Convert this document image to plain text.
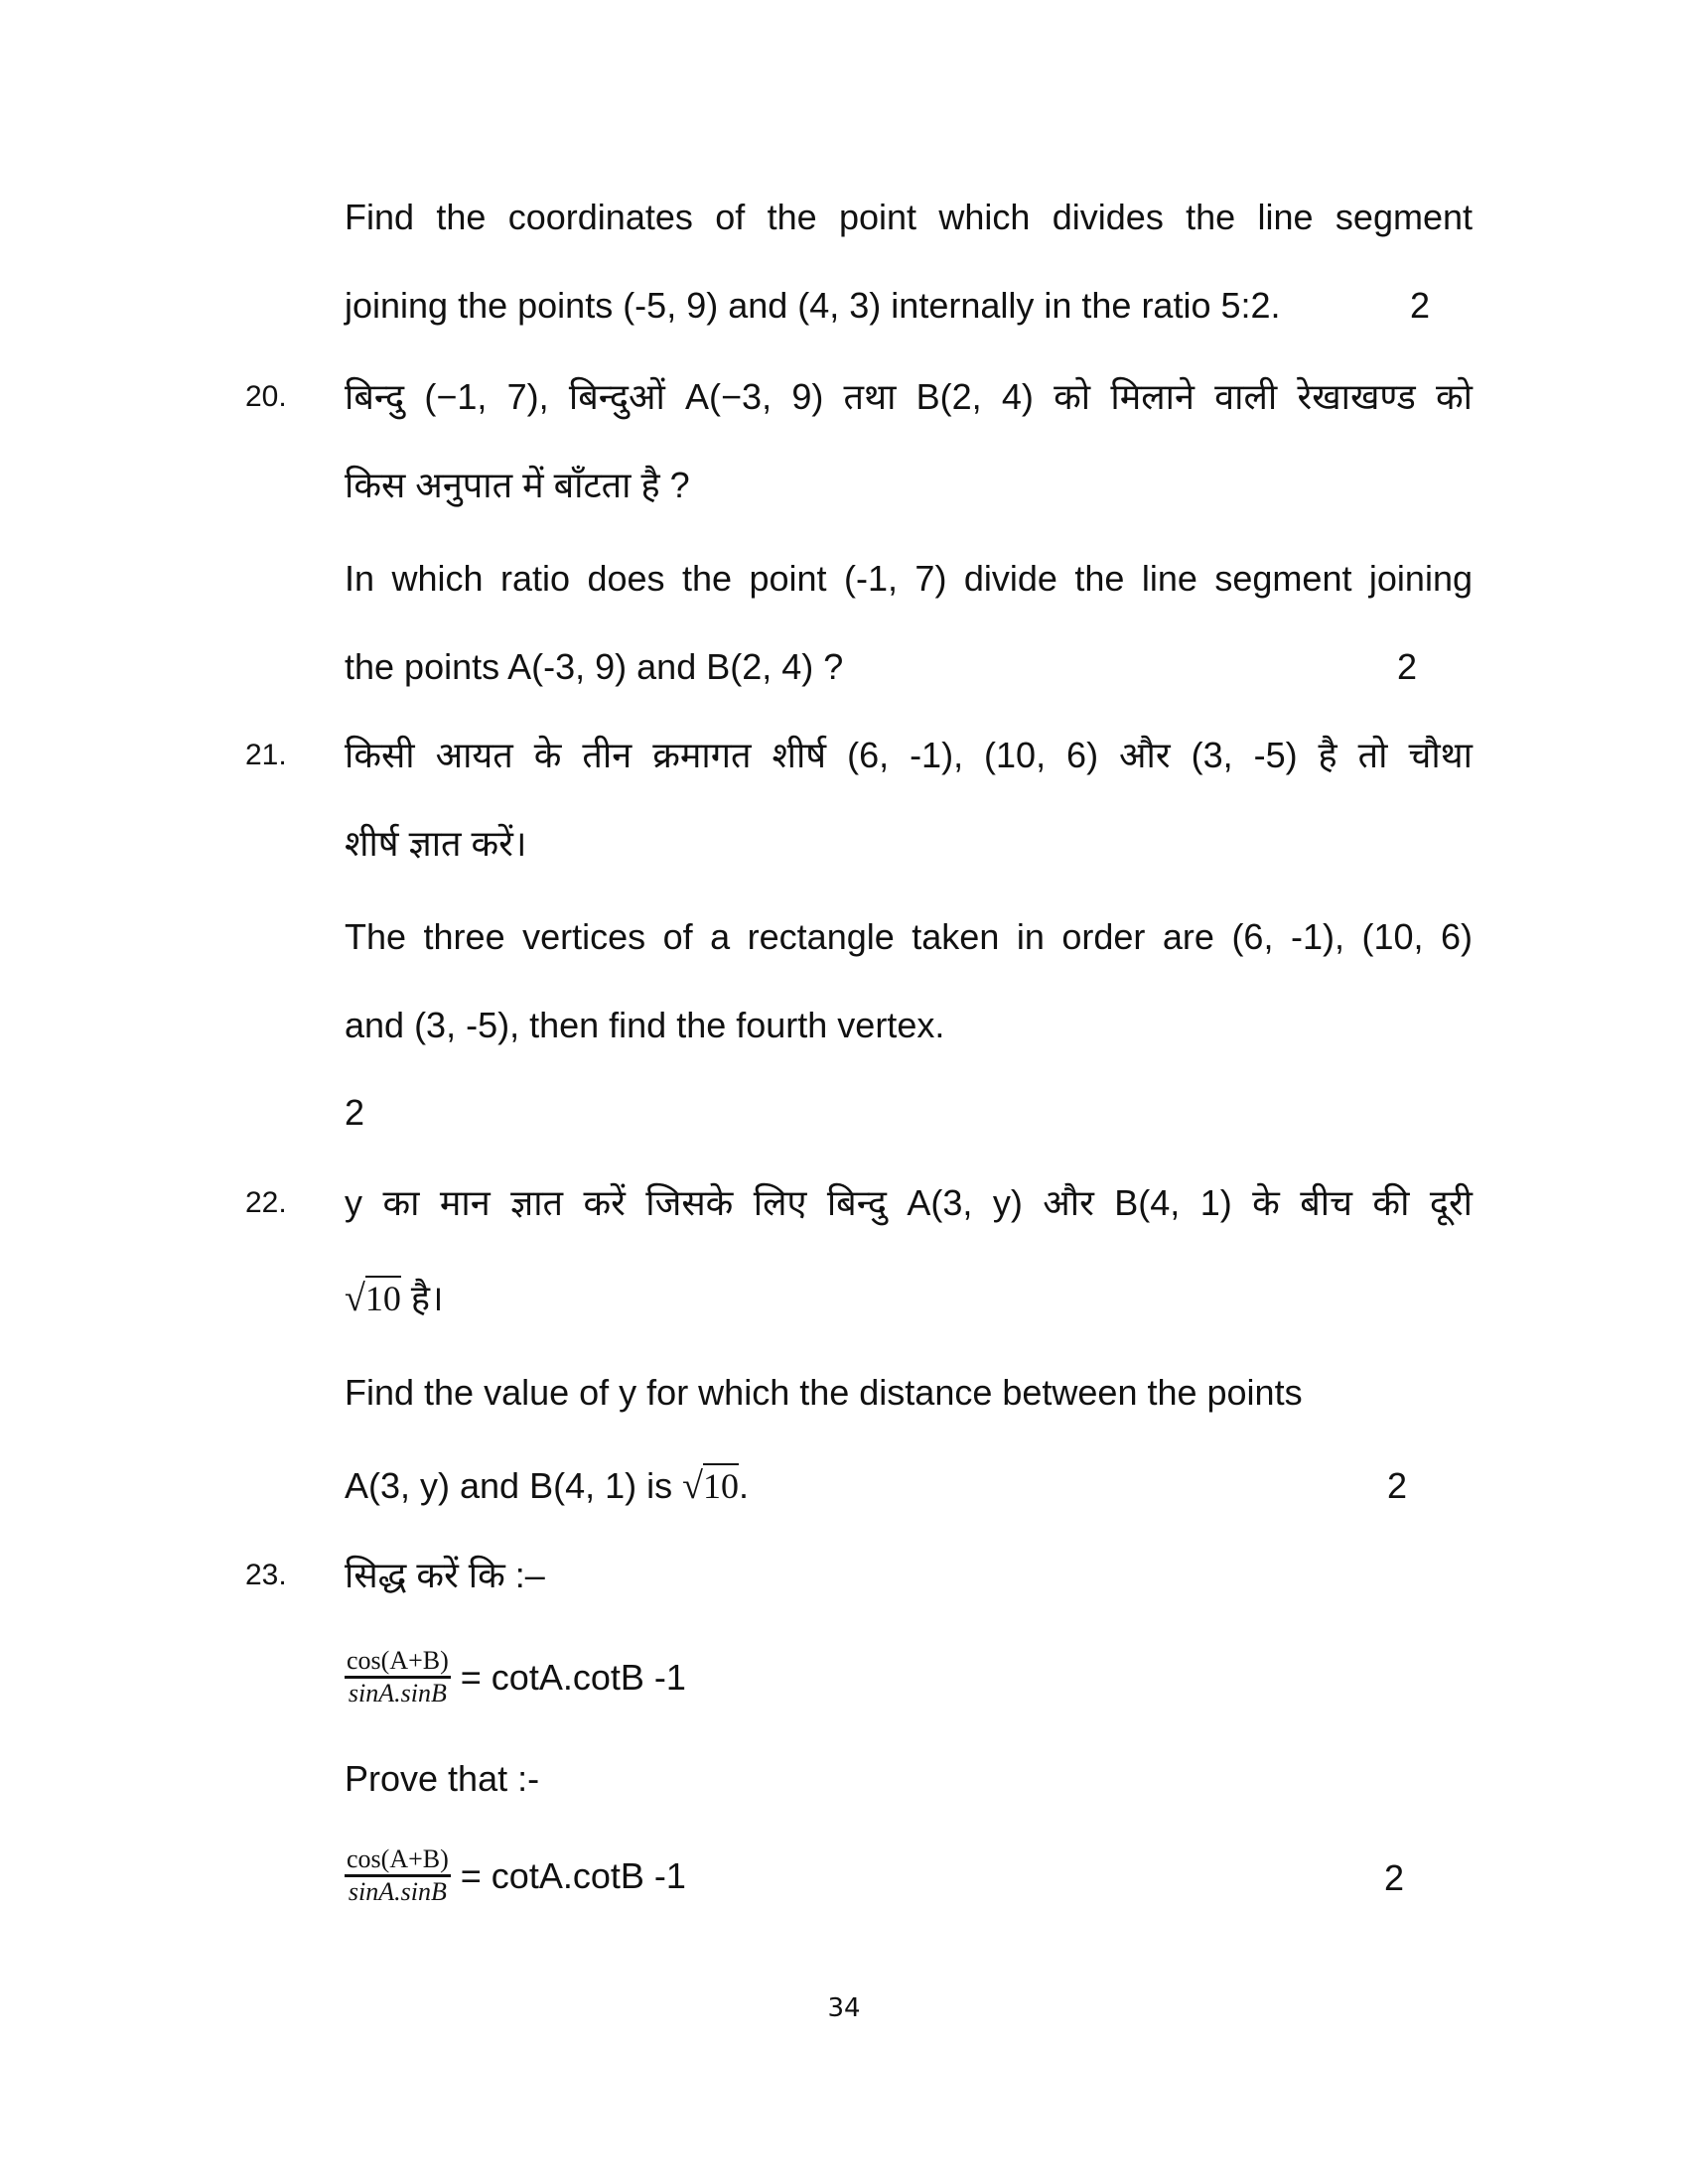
Find the coordinates of the point which divides the line segment
joining the points (-5, 9) and (4, 3) internally in the ratio 5:2.	2
20. बिन्दु (−1, 7), बिन्दुओं A(−3, 9) तथा B(2, 4) को मिलाने वाली रेखाखण्ड को
किस अनुपात में बाँटता है ?
In which ratio does the point (-1, 7) divide the line segment joining
the points A(-3, 9) and B(2, 4) ?	2
21. किसी आयत के तीन क्रमागत शीर्ष (6, -1), (10, 6) और (3, -5) है तो चौथा
शीर्ष ज्ञात करें।
The three vertices of a rectangle taken in order are (6, -1), (10, 6)
and (3, -5), then find the fourth vertex.
2
22. y का मान ज्ञात करें जिसके लिए बिन्दु A(3, y) और B(4, 1) के बीच की दूरी
√10 है।
Find the value of y for which the distance between the points
A(3, y) and B(4, 1) is √10.	2
23. सिद्ध करें कि :–
$\frac{\cos(A+B)}{\sin A.\sin B} = \cot A.\cot B$ -1
Prove that :-
$\frac{\cos(A+B)}{\sin A.\sin B} = \cot A.\cot B$ -1	2
34
